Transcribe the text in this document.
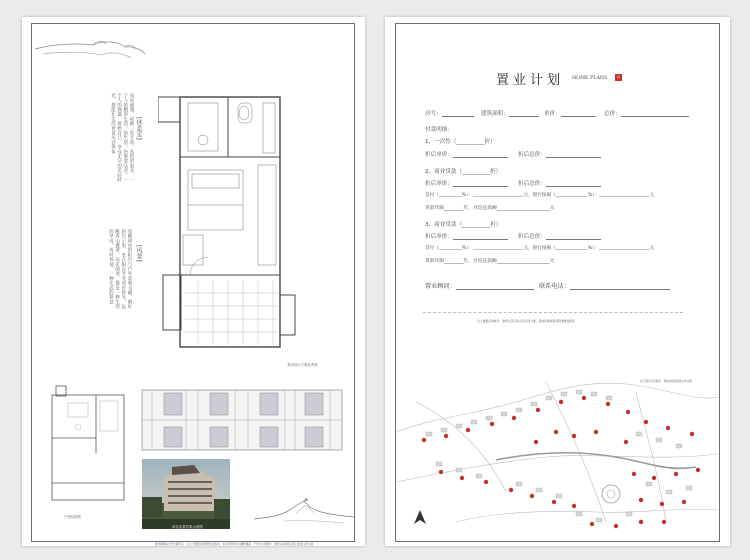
[休息室]
布局通透，动静一览无余，高档的家具，一个人的精彩生活，给生活一份惬意从容。一个人的静谧，留给自己，享受无尽的美好时光，都能让生活更显从容得体
[风景]
宽敞明亮的阳台与户外景观交融，晴好的日子里，坐在阳台享受美好时光，远眺青山叠翠，品茗闲谈，都是一种生活的享受。每时每刻，一种生活的惬意
套房设计方案参考图
户型结构图
项目实景效果示意图
最终解释权归开发商所有，以上户型图及效果图仅供参考，本宣传资料仅为要约邀请，不作为合同附件，最终以政府相关部门批准文件为准
置业计划 HOME PLANS	印
房号：	建筑面积：	单价：	总价：
付款明细：
1、一次性（__________折）
折后单价：	折后总价：
2、商业贷款（__________折）
折后单价：	折后总价：
首付（__________%）：______________________元，银行按揭（______________%）：______________________元
贷款年限________年，月均还款额______________________元
3、商业贷款（__________折）
折后单价：	折后总价：
首付（__________%）：______________________元，银行按揭（______________%）：______________________元
贷款年限________年，月均还款额______________________元
置业顾问：	联系电话：
以上数据仅供参考，最终以签订的买卖合同为准，具体优惠政策请咨询置业顾问
以下图示仅供参考，具体以政府批准文件为准
